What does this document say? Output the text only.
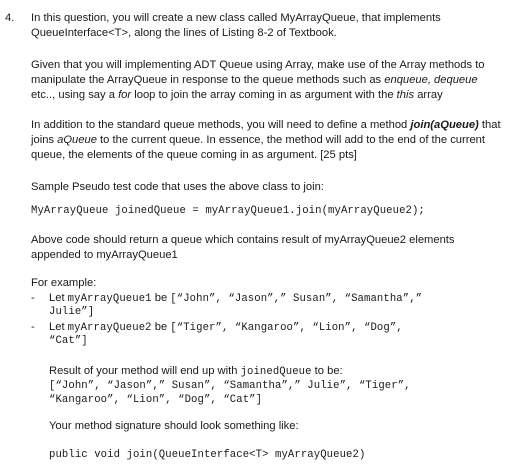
4. In this question, you will create a new class called MyArrayQueue, that implements
QueueInterface<T>, along the lines of Listing 8-2 of Textbook.

Given that you will implementing ADT Queue using Array, make use of the Array methods to manipulate the ArrayQueue in response to the queue methods such as enqueue, dequeue etc.., using say a for loop to join the array coming in as argument with the this array

In addition to the standard queue methods, you will need to define a method join(aQueue) that joins aQueue to the current queue. In essence, the method will add to the end of the current queue, the elements of the queue coming in as argument. [25 pts]

Sample Pseudo test code that uses the above class to join:

MyArrayQueue joinedQueue = myArrayQueue1.join(myArrayQueue2);

Above code should return a queue which contains result of myArrayQueue2 elements appended to myArrayQueue1

For example:

- Let myArrayQueue1 be [“John”, “Jason”,” Susan”, “Samantha”,”
Julie”]
- Let myArrayQueue2 be [“Tiger”, “Kangaroo”, “Lion”, “Dog”,
“Cat”]
Result of your method will end up with joinedQueue to be:
[“John”, “Jason”,” Susan”, “Samantha”,” Julie”, “Tiger”,
“Kangaroo”, “Lion”, “Dog”, “Cat”]
Your method signature should look something like:
public void join(QueueInterface<T> myArrayQueue2)
